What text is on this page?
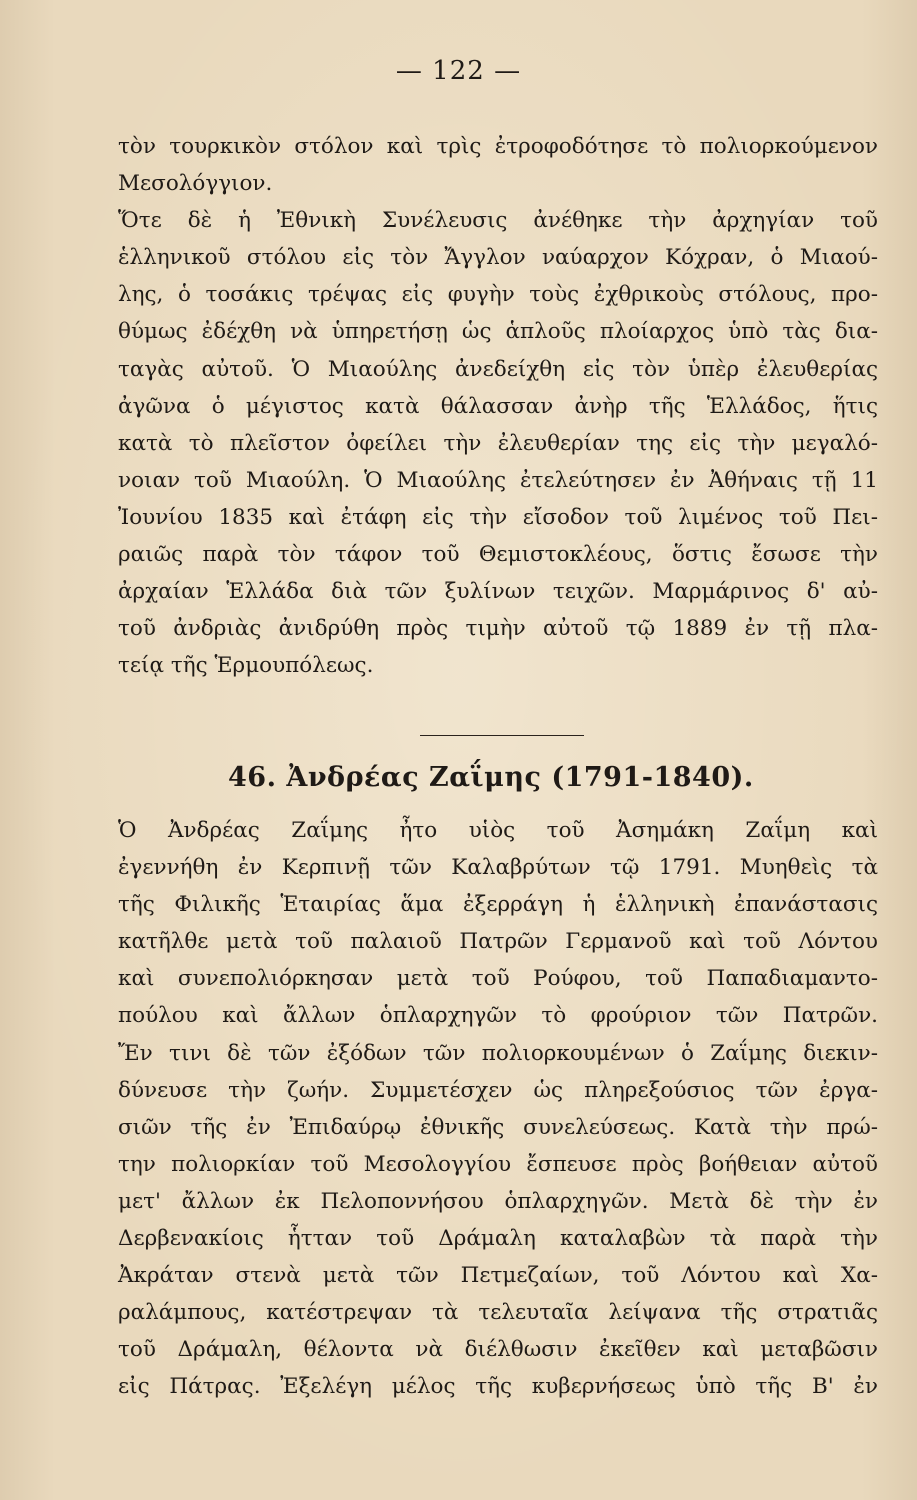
— 122 —
τὸν τουρκικὸν στόλον καὶ τρὶς ἐτροφοδότησε τὸ πολιορκούμενον
Μεσολόγγιον.
Ὅτε δὲ ἡ Ἐθνικὴ Συνέλευσις ἀνέθηκε τὴν ἀρχηγίαν τοῦ
ἑλληνικοῦ στόλου εἰς τὸν Ἄγγλον ναύαρχον Κόχραν, ὁ Μιαού-
λης, ὁ τοσάκις τρέψας εἰς φυγὴν τοὺς ἐχθρικοὺς στόλους, προ-
θύμως ἐδέχθη νὰ ὑπηρετήσῃ ὡς ἁπλοῦς πλοίαρχος ὑπὸ τὰς δια-
ταγὰς αὐτοῦ. Ὁ Μιαούλης ἀνεδείχθη εἰς τὸν ὑπὲρ ἐλευθερίας
ἀγῶνα ὁ μέγιστος κατὰ θάλασσαν ἀνὴρ τῆς Ἑλλάδος, ἥτις
κατὰ τὸ πλεῖστον ὀφείλει τὴν ἐλευθερίαν της εἰς τὴν μεγαλό-
νοιαν τοῦ Μιαούλη. Ὁ Μιαούλης ἐτελεύτησεν ἐν Ἀθήναις τῇ 11
Ἰουνίου 1835 καὶ ἐτάφη εἰς τὴν εἴσοδον τοῦ λιμένος τοῦ Πει-
ραιῶς παρὰ τὸν τάφον τοῦ Θεμιστοκλέους, ὅστις ἔσωσε τὴν
ἀρχαίαν Ἑλλάδα διὰ τῶν ξυλίνων τειχῶν. Μαρμάρινος δ' αὐ-
τοῦ ἀνδριὰς ἀνιδρύθη πρὸς τιμὴν αὐτοῦ τῷ 1889 ἐν τῇ πλα-
τείᾳ τῆς Ἑρμουπόλεως.
46. Ἀνδρέας Ζαΐμης (1791-1840).
Ὁ Ἀνδρέας Ζαΐμης ἦτο υἱὸς τοῦ Ἀσημάκη Ζαΐμη καὶ
ἐγεννήθη ἐν Κερπινῇ τῶν Καλαβρύτων τῷ 1791. Μυηθεὶς τὰ
τῆς Φιλικῆς Ἑταιρίας ἅμα ἐξερράγη ἡ ἑλληνικὴ ἐπανάστασις
κατῆλθε μετὰ τοῦ παλαιοῦ Πατρῶν Γερμανοῦ καὶ τοῦ Λόντου
καὶ συνεπολιόρκησαν μετὰ τοῦ Ρούφου, τοῦ Παπαδιαμαντο-
πούλου καὶ ἄλλων ὁπλαρχηγῶν τὸ φρούριον τῶν Πατρῶν.
Ἔν τινι δὲ τῶν ἐξόδων τῶν πολιορκουμένων ὁ Ζαΐμης διεκιν-
δύνευσε τὴν ζωήν. Συμμετέσχεν ὡς πληρεξούσιος τῶν ἐργα-
σιῶν τῆς ἐν Ἐπιδαύρῳ ἐθνικῆς συνελεύσεως. Κατὰ τὴν πρώ-
την πολιορκίαν τοῦ Μεσολογγίου ἔσπευσε πρὸς βοήθειαν αὐτοῦ
μετ' ἄλλων ἐκ Πελοποννήσου ὁπλαρχηγῶν. Μετὰ δὲ τὴν ἐν
Δερβενακίοις ἧτταν τοῦ Δράμαλη καταλαβὼν τὰ παρὰ τὴν
Ἀκράταν στενὰ μετὰ τῶν Πετμεζαίων, τοῦ Λόντου καὶ Χα-
ραλάμπους, κατέστρεψαν τὰ τελευταῖα λείψανα τῆς στρατιᾶς
τοῦ Δράμαλη, θέλοντα νὰ διέλθωσιν ἐκεῖθεν καὶ μεταβῶσιν
εἰς Πάτρας. Ἐξελέγη μέλος τῆς κυβερνήσεως ὑπὸ τῆς Β' ἐν
